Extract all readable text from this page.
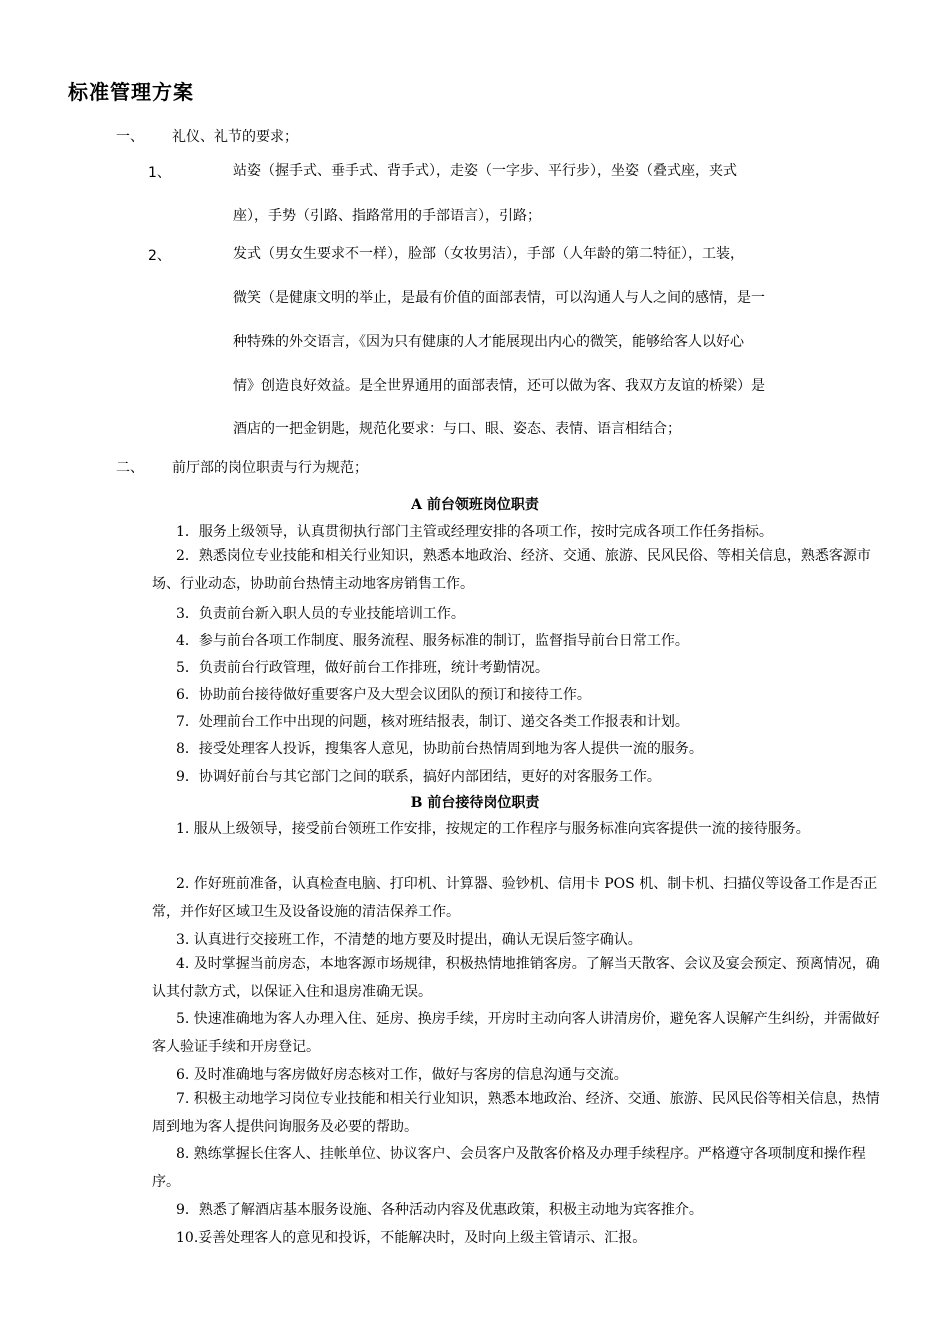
标准管理方案
一、 礼仪、礼节的要求；
1、	站姿（握手式、垂手式、背手式），走姿（一字步、平行步），坐姿（叠式座，夹式
座），手势（引路、指路常用的手部语言），引路；
2、	发式（男女生要求不一样），脸部（女妆男洁），手部（人年龄的第二特征），工装，
微笑（是健康文明的举止，是最有价值的面部表情，可以沟通人与人之间的感情，是一
种特殊的外交语言，《因为只有健康的人才能展现出内心的微笑，能够给客人以好心
情》创造良好效益。是全世界通用的面部表情，还可以做为客、我双方友谊的桥梁）是
酒店的一把金钥匙，规范化要求：与口、眼、姿态、表情、语言相结合；
二、 前厅部的岗位职责与行为规范；
A 前台领班岗位职责
1．服务上级领导，认真贯彻执行部门主管或经理安排的各项工作，按时完成各项工作任务指标。
2．熟悉岗位专业技能和相关行业知识，熟悉本地政治、经济、交通、旅游、民风民俗、等相关信息，熟悉客源市场、行业动态，协助前台热情主动地客房销售工作。
3．负责前台新入职人员的专业技能培训工作。
4．参与前台各项工作制度、服务流程、服务标准的制订，监督指导前台日常工作。
5．负责前台行政管理，做好前台工作排班，统计考勤情况。
6．协助前台接待做好重要客户及大型会议团队的预订和接待工作。
7．处理前台工作中出现的问题，核对班结报表，制订、递交各类工作报表和计划。
8．接受处理客人投诉，搜集客人意见，协助前台热情周到地为客人提供一流的服务。
9．协调好前台与其它部门之间的联系，搞好内部团结，更好的对客服务工作。
B 前台接待岗位职责
1. 服从上级领导，接受前台领班工作安排，按规定的工作程序与服务标准向宾客提供一流的接待服务。
2. 作好班前准备，认真检查电脑、打印机、计算器、验钞机、信用卡 POS 机、制卡机、扫描仪等设备工作是否正常，并作好区域卫生及设备设施的清洁保养工作。
3. 认真进行交接班工作，不清楚的地方要及时提出，确认无误后签字确认。
4. 及时掌握当前房态，本地客源市场规律，积极热情地推销客房。了解当天散客、会议及宴会预定、预离情况，确认其付款方式，以保证入住和退房准确无误。
5. 快速准确地为客人办理入住、延房、换房手续，开房时主动向客人讲清房价，避免客人误解产生纠纷，并需做好客人验证手续和开房登记。
6. 及时准确地与客房做好房态核对工作，做好与客房的信息沟通与交流。
7. 积极主动地学习岗位专业技能和相关行业知识，熟悉本地政治、经济、交通、旅游、民风民俗等相关信息，热情周到地为客人提供问询服务及必要的帮助。
8. 熟练掌握长住客人、挂帐单位、协议客户、会员客户及散客价格及办理手续程序。严格遵守各项制度和操作程序。
9．熟悉了解酒店基本服务设施、各种活动内容及优惠政策，积极主动地为宾客推介。
10.妥善处理客人的意见和投诉，不能解决时，及时向上级主管请示、汇报。
